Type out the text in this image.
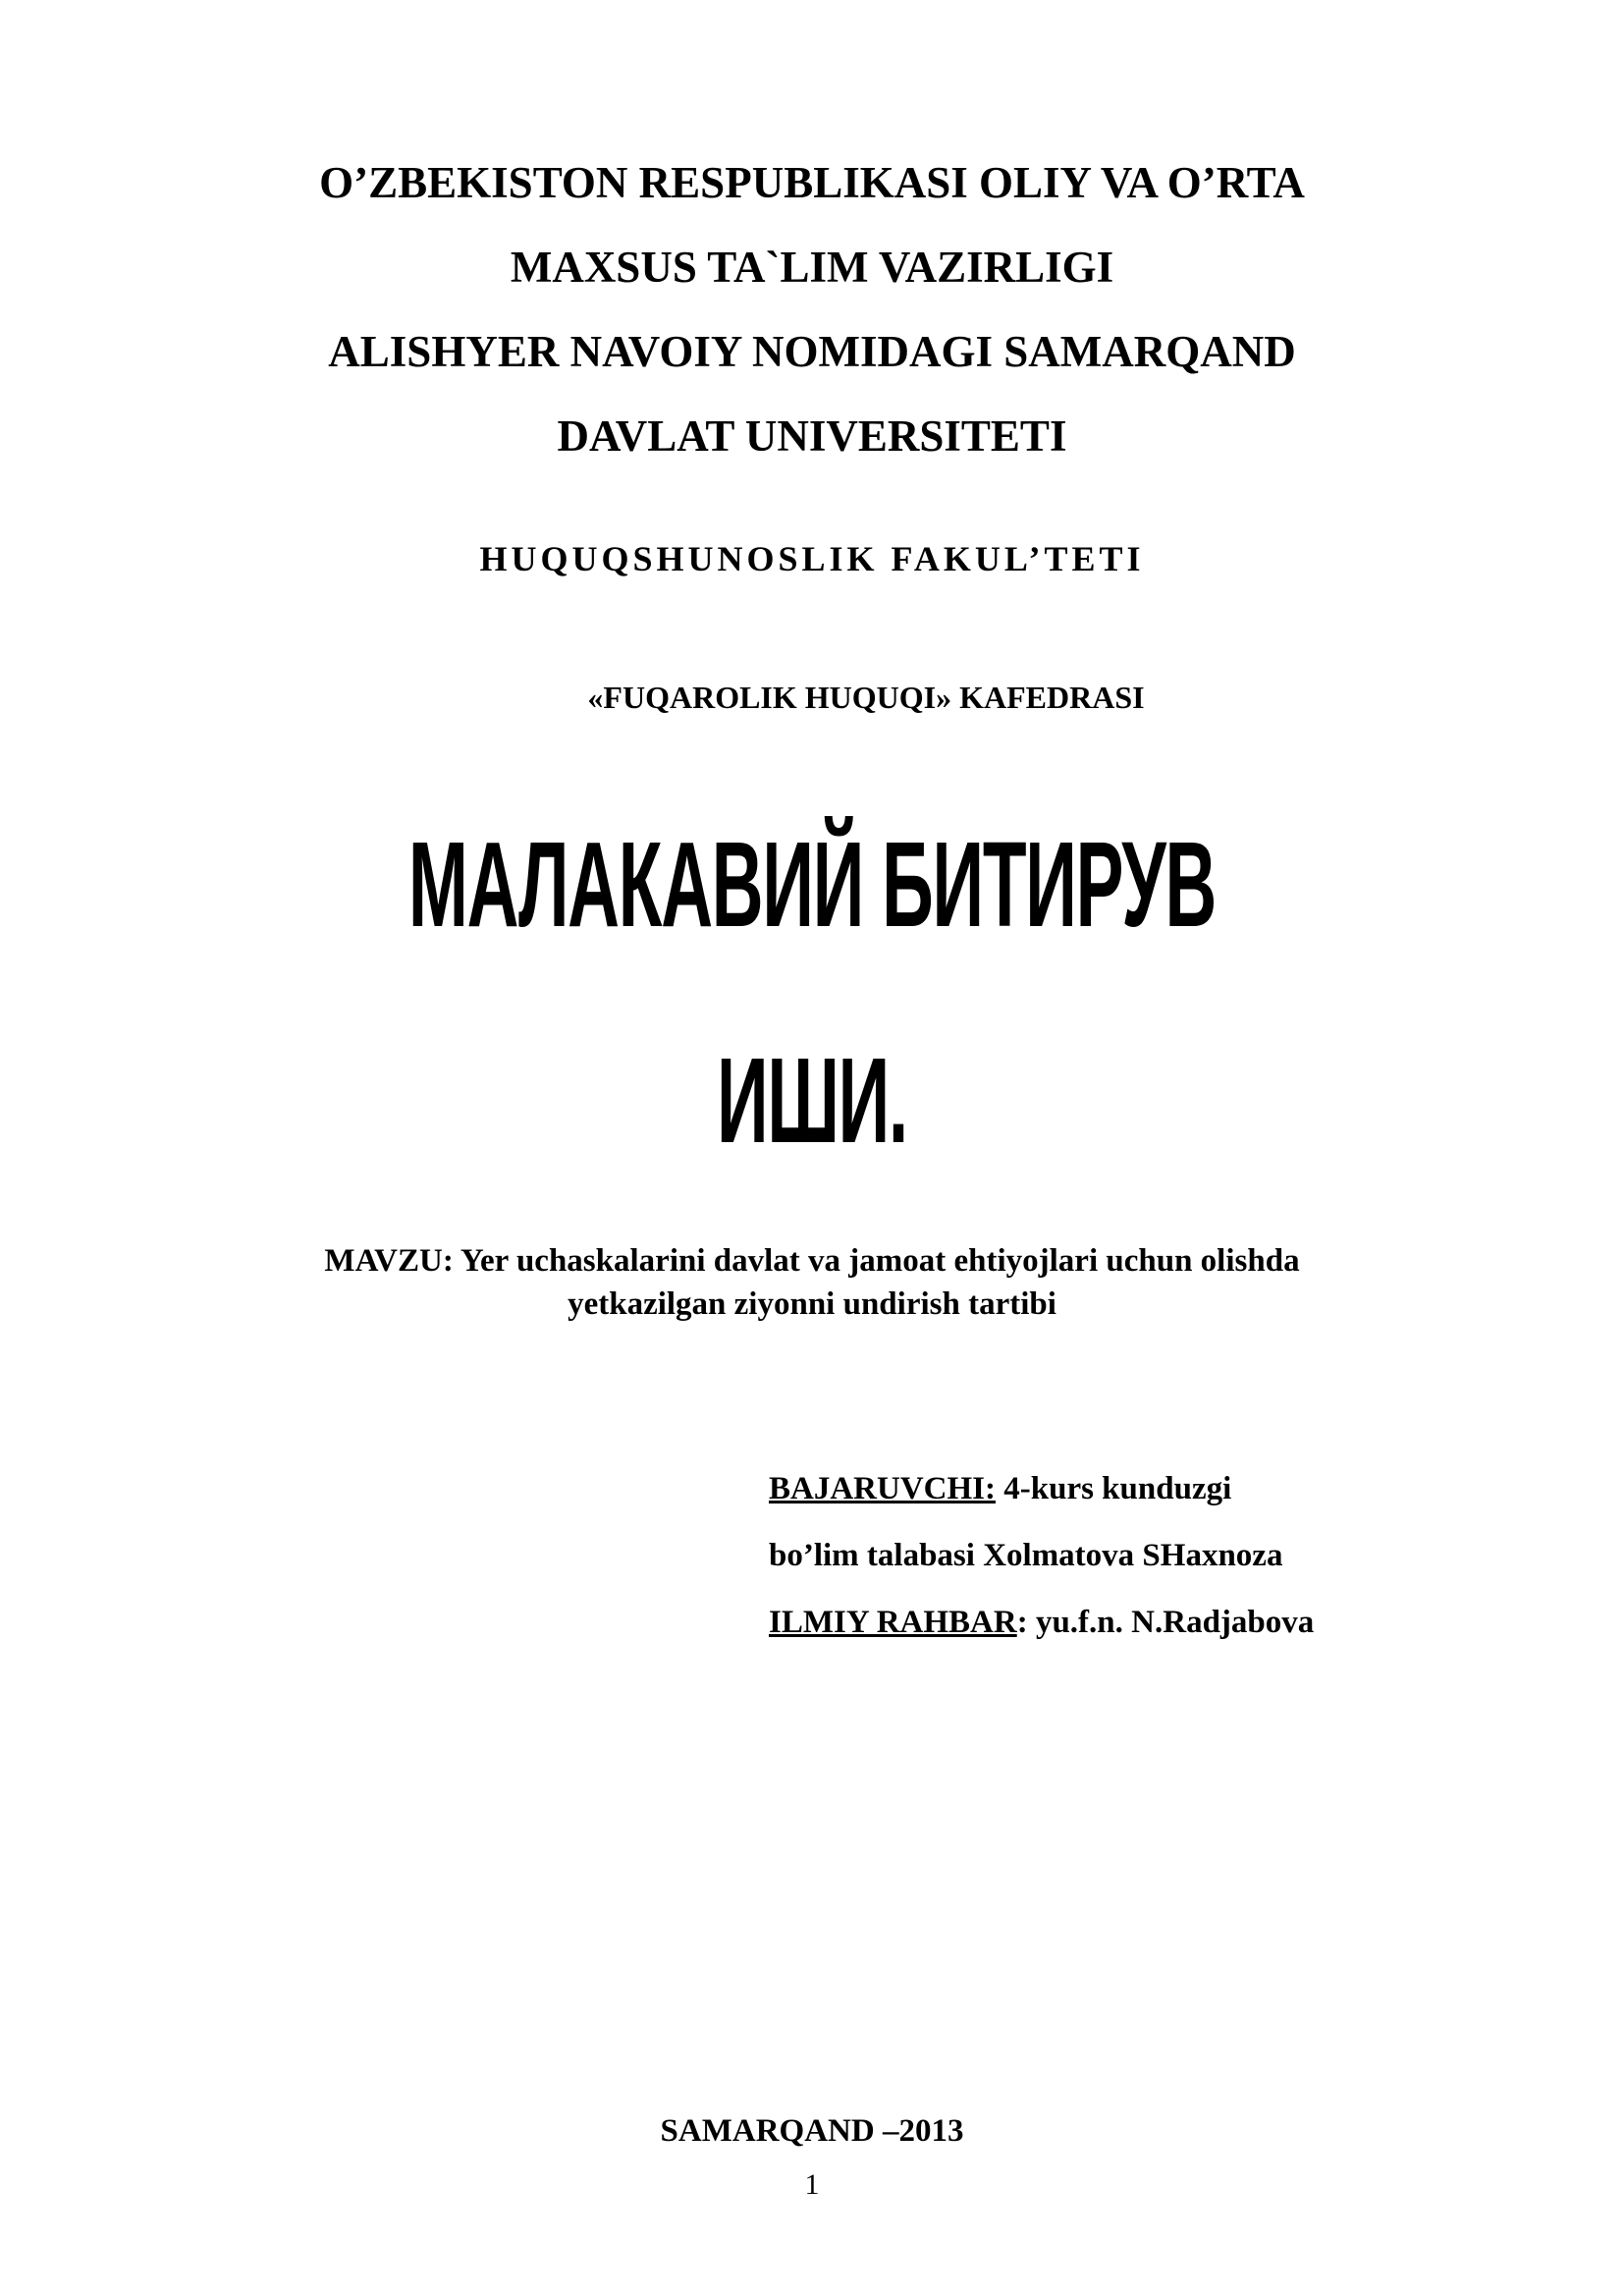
O’ZBEKISTON RESPUBLIKASI OLIY VA O’RTA
MAXSUS TA`LIM VAZIRLIGI
ALISHYER NAVOIY NOMIDAGI SAMARQAND
DAVLAT UNIVERSITETI
HUQUQSHUNOSLIK FAKUL’TETI
«FUQAROLIK HUQUQI» KAFEDRASI
МАЛАКАВИЙ БИТИРУВ
ИШИ.
MAVZU: Yer uchaskalarini davlat va jamoat ehtiyojlari uchun olishda
yetkazilgan ziyonni undirish tartibi
BAJARUVCHI: 4-kurs kunduzgi
bo’lim talabasi Xolmatova SHaxnoza
ILMIY RAHBAR: yu.f.n. N.Radjabova
SAMARQAND –2013
1
